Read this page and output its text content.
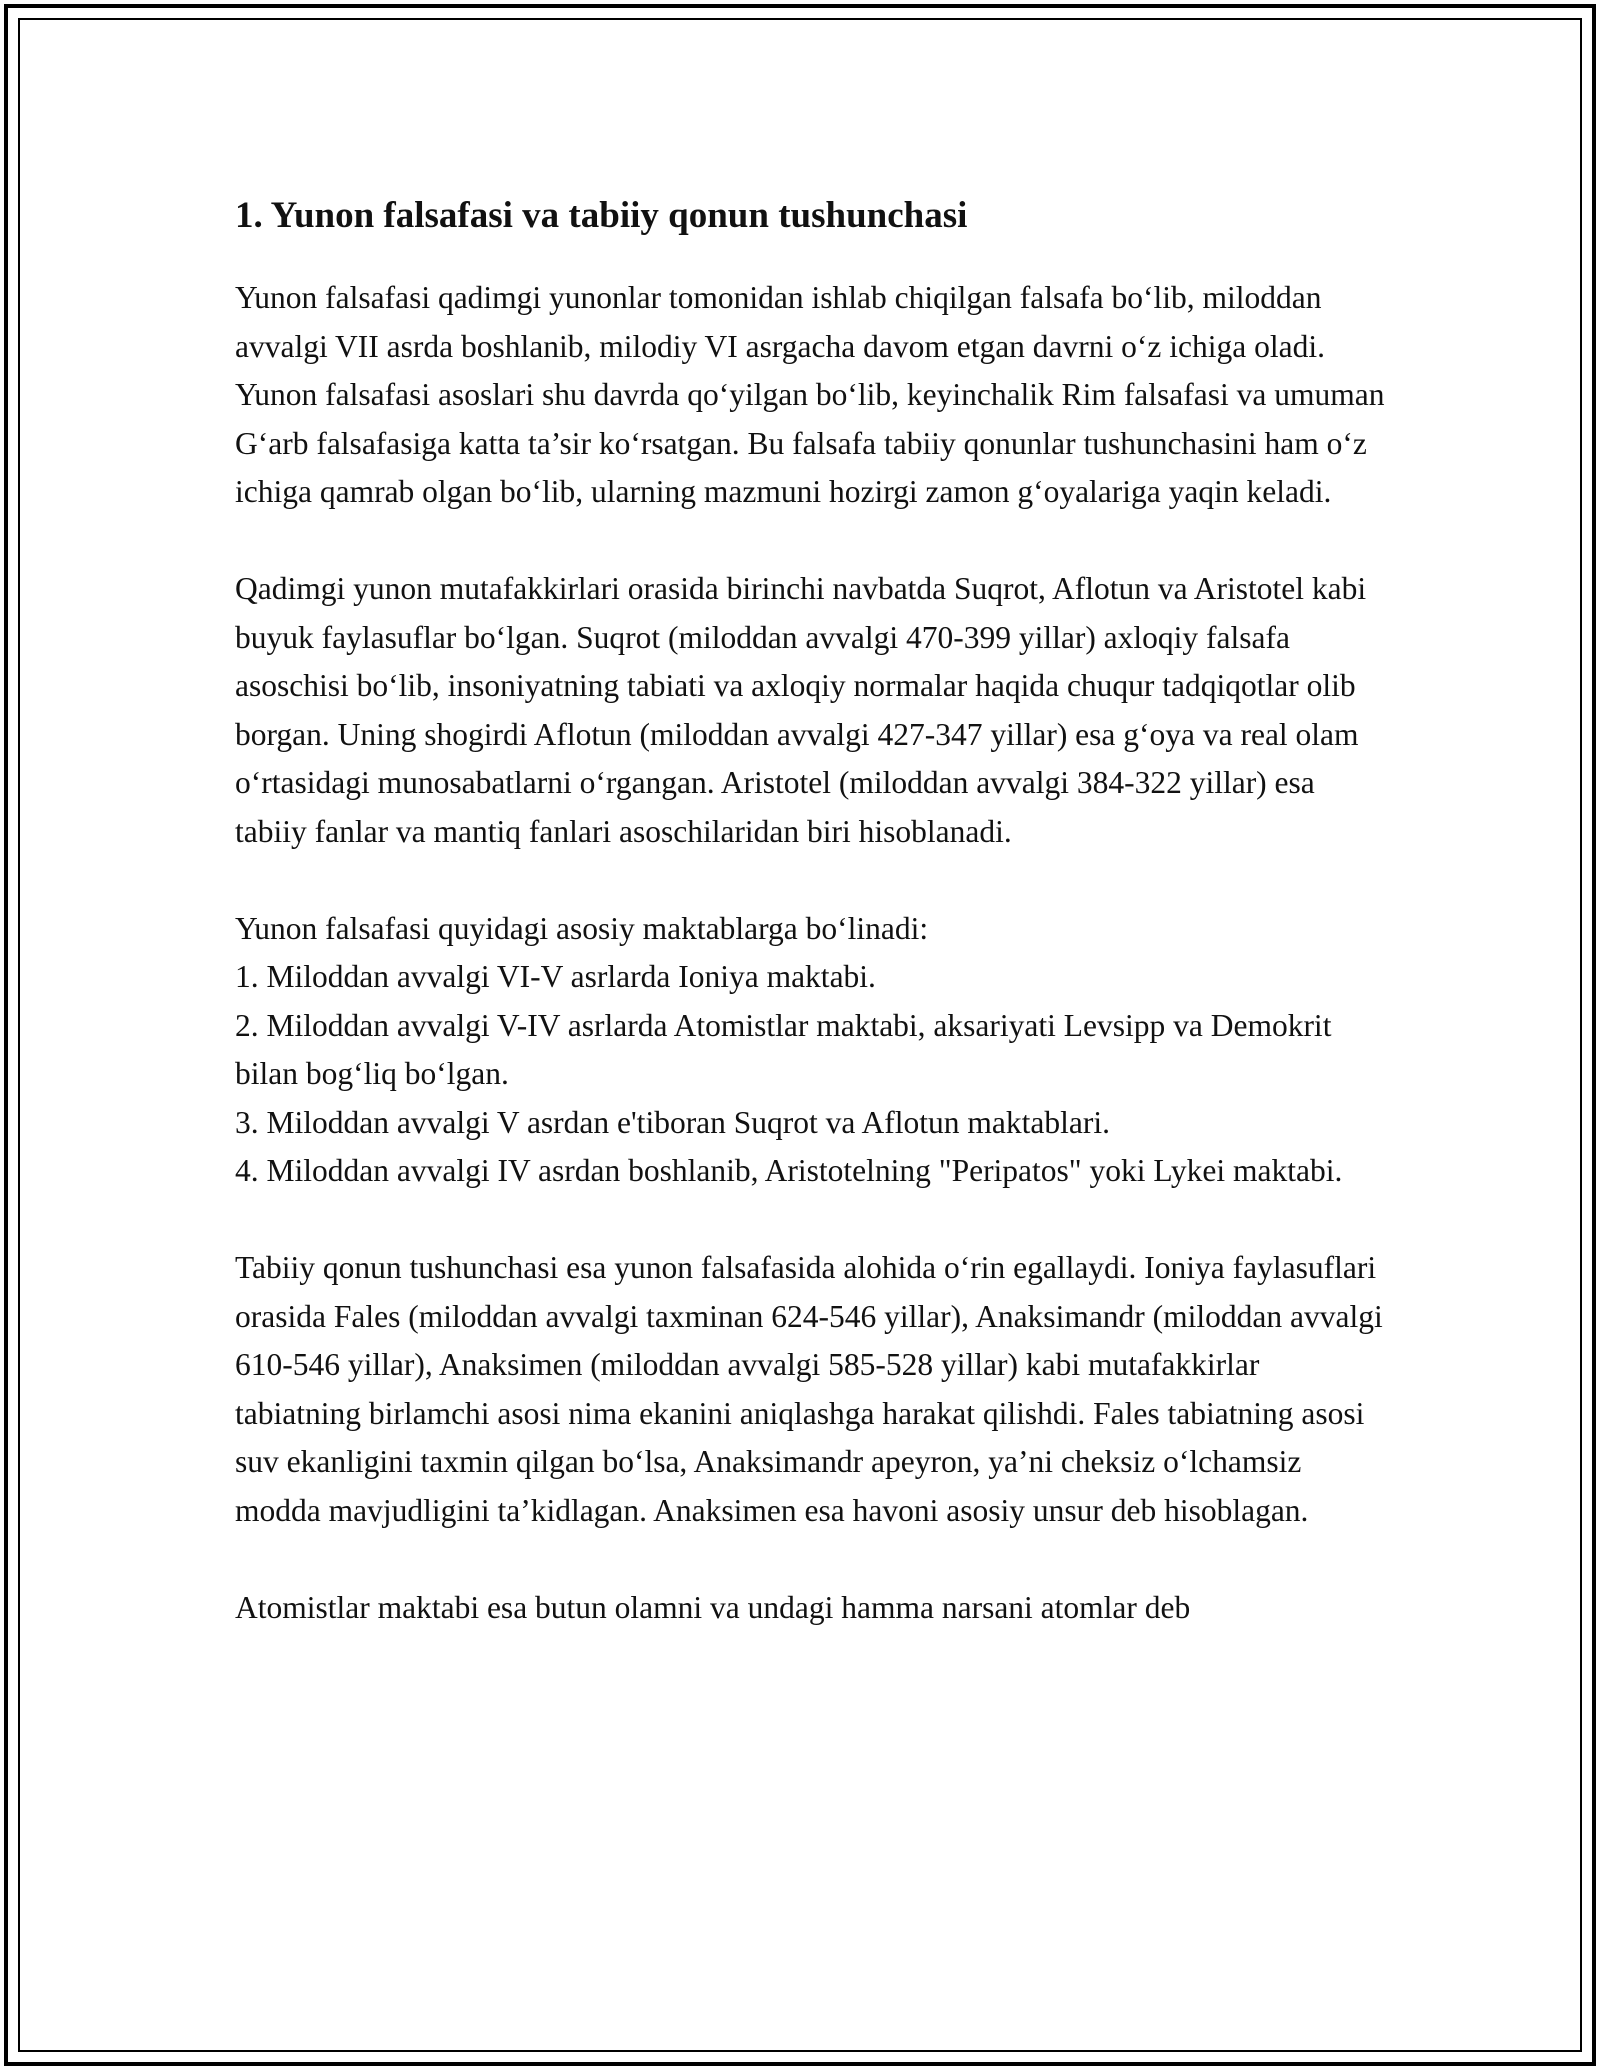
1. Yunon falsafasi va tabiiy qonun tushunchasi

Yunon falsafasi qadimgi yunonlar tomonidan ishlab chiqilgan falsafa bo‘lib, miloddan avvalgi VII asrda boshlanib, milodiy VI asrgacha davom etgan davrni o‘z ichiga oladi. Yunon falsafasi asoslari shu davrda qo‘yilgan bo‘lib, keyinchalik Rim falsafasi va umuman G‘arb falsafasiga katta ta’sir ko‘rsatgan. Bu falsafa tabiiy qonunlar tushunchasini ham o‘z ichiga qamrab olgan bo‘lib, ularning mazmuni hozirgi zamon g‘oyalariga yaqin keladi.

Qadimgi yunon mutafakkirlari orasida birinchi navbatda Suqrot, Aflotun va Aristotel kabi buyuk faylasuflar bo‘lgan. Suqrot (miloddan avvalgi 470-399 yillar) axloqiy falsafa asoschisi bo‘lib, insoniyatning tabiati va axloqiy normalar haqida chuqur tadqiqotlar olib borgan. Uning shogirdi Aflotun (miloddan avvalgi 427-347 yillar) esa g‘oya va real olam o‘rtasidagi munosabatlarni o‘rgangan. Aristotel (miloddan avvalgi 384-322 yillar) esa tabiiy fanlar va mantiq fanlari asoschilaridan biri hisoblanadi.

Yunon falsafasi quyidagi asosiy maktablarga bo‘linadi:
1. Miloddan avvalgi VI-V asrlarda Ioniya maktabi.
2. Miloddan avvalgi V-IV asrlarda Atomistlar maktabi, aksariyati Levsipp va Demokrit bilan bog‘liq bo‘lgan.
3. Miloddan avvalgi V asrdan e'tiboran Suqrot va Aflotun maktablari.
4. Miloddan avvalgi IV asrdan boshlanib, Aristotelning "Peripatos" yoki Lykei maktabi.

Tabiiy qonun tushunchasi esa yunon falsafasida alohida o‘rin egallaydi. Ioniya faylasuflari orasida Fales (miloddan avvalgi taxminan 624-546 yillar), Anaksimandr (miloddan avvalgi 610-546 yillar), Anaksimen (miloddan avvalgi 585-528 yillar) kabi mutafakkirlar tabiatning birlamchi asosi nima ekanini aniqlashga harakat qilishdi. Fales tabiatning asosi suv ekanligini taxmin qilgan bo‘lsa, Anaksimandr apeyron, ya’ni cheksiz o‘lchamsiz modda mavjudligini ta’kidlagan. Anaksimen esa havoni asosiy unsur deb hisoblagan.

Atomistlar maktabi esa butun olamni va undagi hamma narsani atomlar deb
